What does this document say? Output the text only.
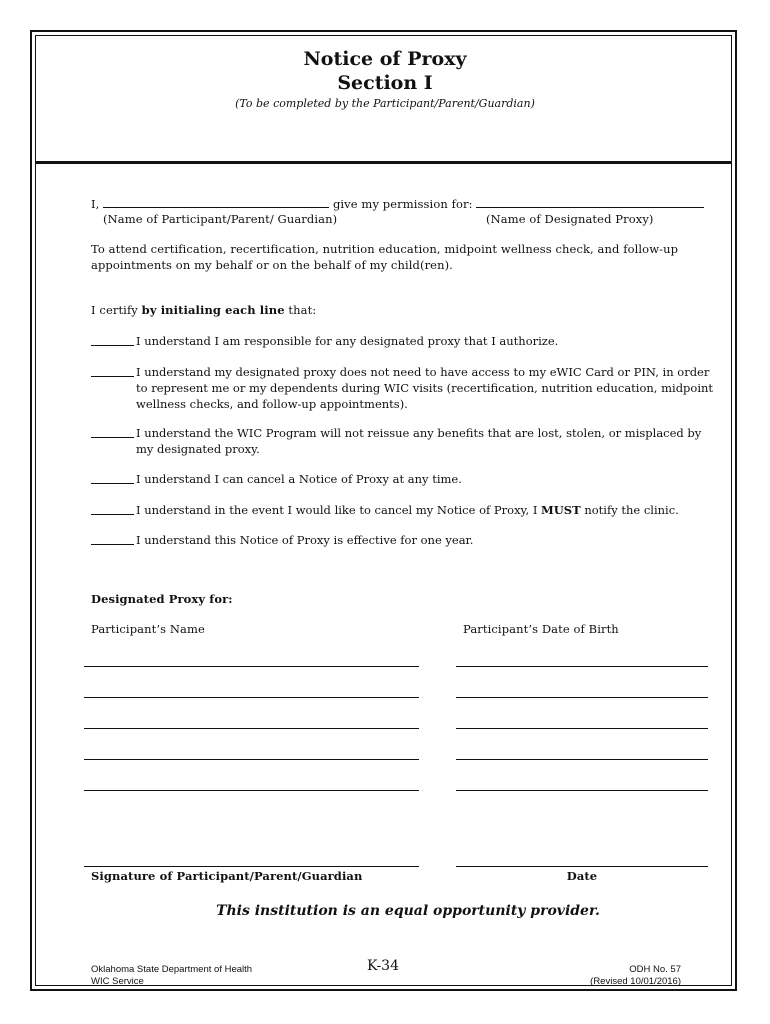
Notice of Proxy
Section I
(To be completed by the Participant/Parent/Guardian)
I,	give my permission for:
(Name of Participant/Parent/ Guardian)	(Name of Designated Proxy)
To attend certification, recertification, nutrition education, midpoint wellness check, and follow-up
appointments on my behalf or on the behalf of my child(ren).
I certify by initialing each line that:
I understand I am responsible for any designated proxy that I authorize.
I understand my designated proxy does not need to have access to my eWIC Card or PIN, in order to represent me or my dependents during WIC visits (recertification, nutrition education, midpoint wellness checks, and follow-up appointments).
I understand the WIC Program will not reissue any benefits that are lost, stolen, or misplaced by my designated proxy.
I understand I can cancel a Notice of Proxy at any time.
I understand in the event I would like to cancel my Notice of Proxy, I MUST notify the clinic.
I understand this Notice of Proxy is effective for one year.
Designated Proxy for:
Participant’s Name	Participant’s Date of Birth
Signature of Participant/Parent/Guardian	Date
This institution is an equal opportunity provider.
Oklahoma State Department of Health
WIC Service
K-34	ODH No. 57
(Revised 10/01/2016)
